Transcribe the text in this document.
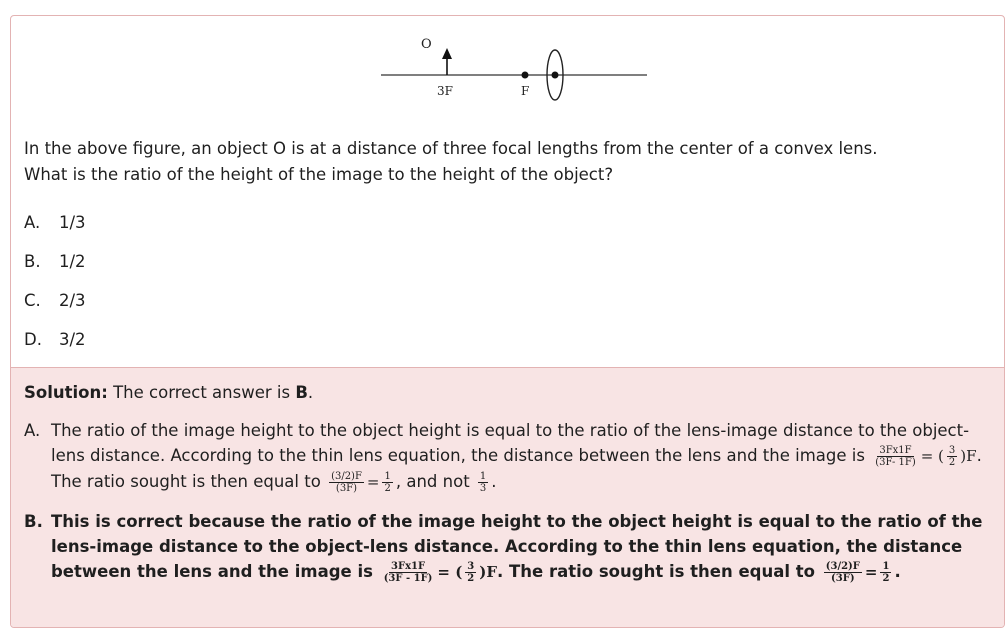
O
3F	F
In the above figure, an object O is at a distance of three focal lengths from the center of a convex lens.
What is the ratio of the height of the image to the height of the object?
A.	1/3
B.	1/2
C.	2/3
D.	3/2
Solution: The correct answer is B.
A. The ratio of the image height to the object height is equal to the ratio of the lens-image distance to the object-lens distance. According to the thin lens equation, the distance between the lens and the image is $\frac{3Fx1F}{(3F- 1F)}$ = ( $\frac{3}{2} )F$. The ratio sought is then equal to $\frac{(3/2)F}{(3F)} = \frac{1}{2}$ , and not $\frac{1}{3}$ .
B. This is correct because the ratio of the image height to the object height is equal to the ratio of the lens-image distance to the object-lens distance. According to the thin lens equation, the distance between the lens and the image is $\frac{3Fx1F}{(3F - 1F)}$ = ( $\frac{3}{2} )F$. The ratio sought is then equal to $\frac{(3/2)F}{(3F)} = \frac{1}{2}$ .
